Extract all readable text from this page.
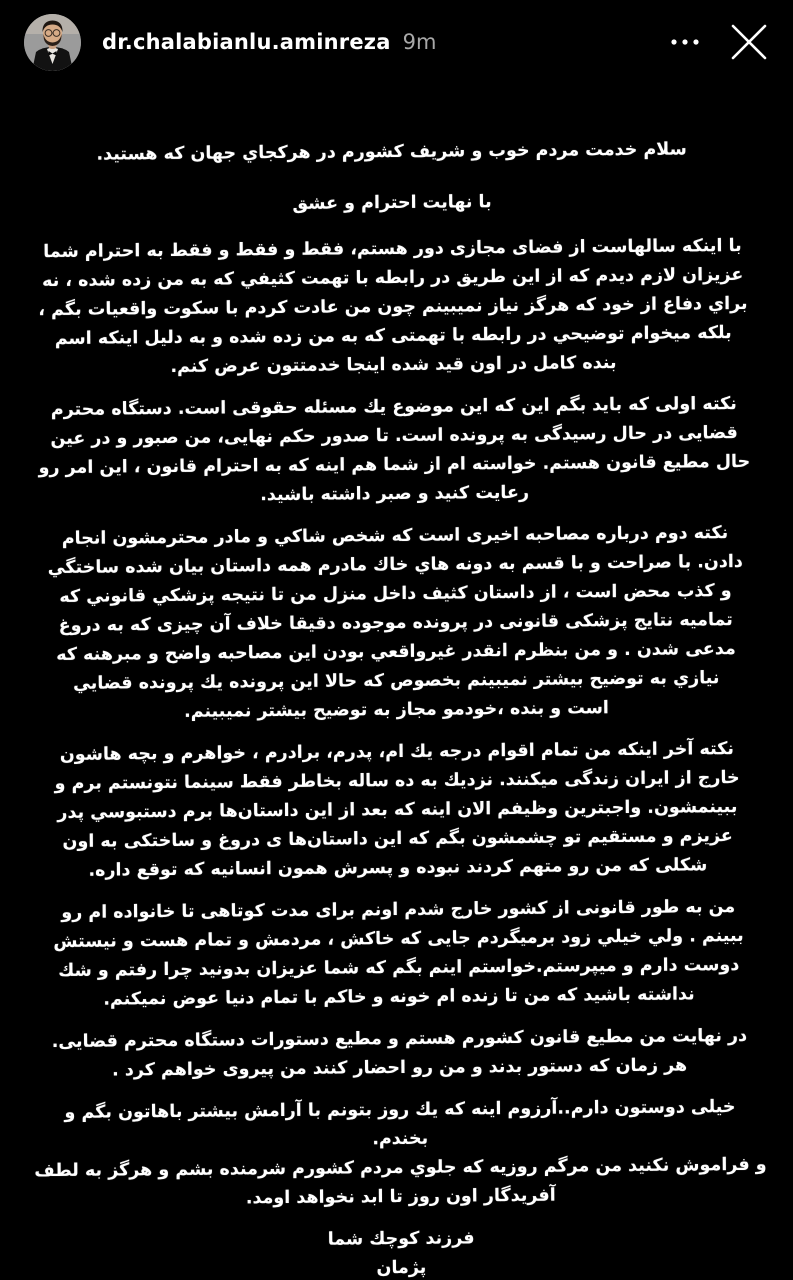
dr.chalabianlu.aminreza 9m

سلام خدمت مردم خوب و شريف كشورم در هركجاي جهان كه هستيد.

با نهايت احترام و عشق

با اينكه سالهاست از فضاى مجازى دور هستم، فقط و فقط و فقط به احترام شما
عزيزان لازم ديدم كه از اين طريق در رابطه با تهمت كثيفي كه به من زده شده ، نه
براي دفاع از خود كه هرگز نياز نميبينم چون من عادت كردم با سكوت واقعيات بگم ،
بلكه ميخوام توضيحي در رابطه با تهمتى كه به من زده شده و به دليل اينكه اسم
بنده كامل در اون قيد شده اينجا خدمتتون عرض كنم.

نكته اولى كه بايد بگم اين كه اين موضوع يك مسئله حقوقى است. دستگاه محترم
قضايى در حال رسيدگى به پرونده است. تا صدور حكم نهايى، من صبور و در عين
حال مطيع قانون هستم. خواسته ام از شما هم اينه كه به احترام قانون ، اين امر رو
رعايت كنيد و صبر داشته باشيد.

نكته دوم درباره مصاحبه اخيرى است كه شخص شاكي و مادر محترمشون انجام
دادن. با صراحت و با قسم به دونه هاي خاك مادرم همه داستان بيان شده ساختگي
و كذب محض است ، از داستان كثيف داخل منزل من تا نتيجه پزشكي قانوني كه
تماميه نتايج پزشكى قانونى در پرونده موجوده دقيقا خلاف آن چيزى كه به دروغ
مدعى شدن . و من بنظرم انقدر غيرواقعي بودن اين مصاحبه واضح و مبرهنه كه
نيازي به توضيح بيشتر نميبينم بخصوص كه حالا اين پرونده يك پرونده قضايي
است و بنده ،خودمو مجاز به توضيح بيشتر نميبينم.

نكته آخر اينكه من تمام اقوام درجه يك ام، پدرم، برادرم ، خواهرم و بچه هاشون
خارج از ايران زندگى ميكنند. نزديك به ده ساله بخاطر فقط سينما نتونستم برم و
ببينمشون. واجبترين وظيفم الان اينه كه بعد از اين داستان‌ها برم دستبوسي پدر
عزيزم و مستقيم تو چشمشون بگم كه اين داستان‌ها ى دروغ و ساختكى به اون
شكلى كه من رو متهم كردند نبوده و پسرش همون انسانيه كه توقع داره.

من به طور قانونى از كشور خارج شدم اونم براى مدت كوتاهى تا خانواده ام رو
ببينم . ولي خيلي زود برميگردم جايى كه خاكش ، مردمش و تمام هست و نيستش
دوست دارم و ميپرستم.خواستم اينم بگم كه شما عزيزان بدونيد چرا رفتم و شك
نداشته باشيد كه من تا زنده ام خونه و خاكم با تمام دنيا عوض نميكنم.

در نهايت من مطيع قانون كشورم هستم و مطيع دستورات دستگاه محترم قضايى.
هر زمان كه دستور بدند و من رو احضار كنند من پيروى خواهم كرد .

خيلى دوستون دارم..آرزوم اينه كه يك روز بتونم با آرامش بيشتر باهاتون بگم و
بخندم.
و فراموش نكنيد من مرگم روزيه كه جلوي مردم كشورم شرمنده بشم و هرگز به لطف
آفريدگار اون روز تا ابد نخواهد اومد.

فرزند كوچك شما
پژمان
